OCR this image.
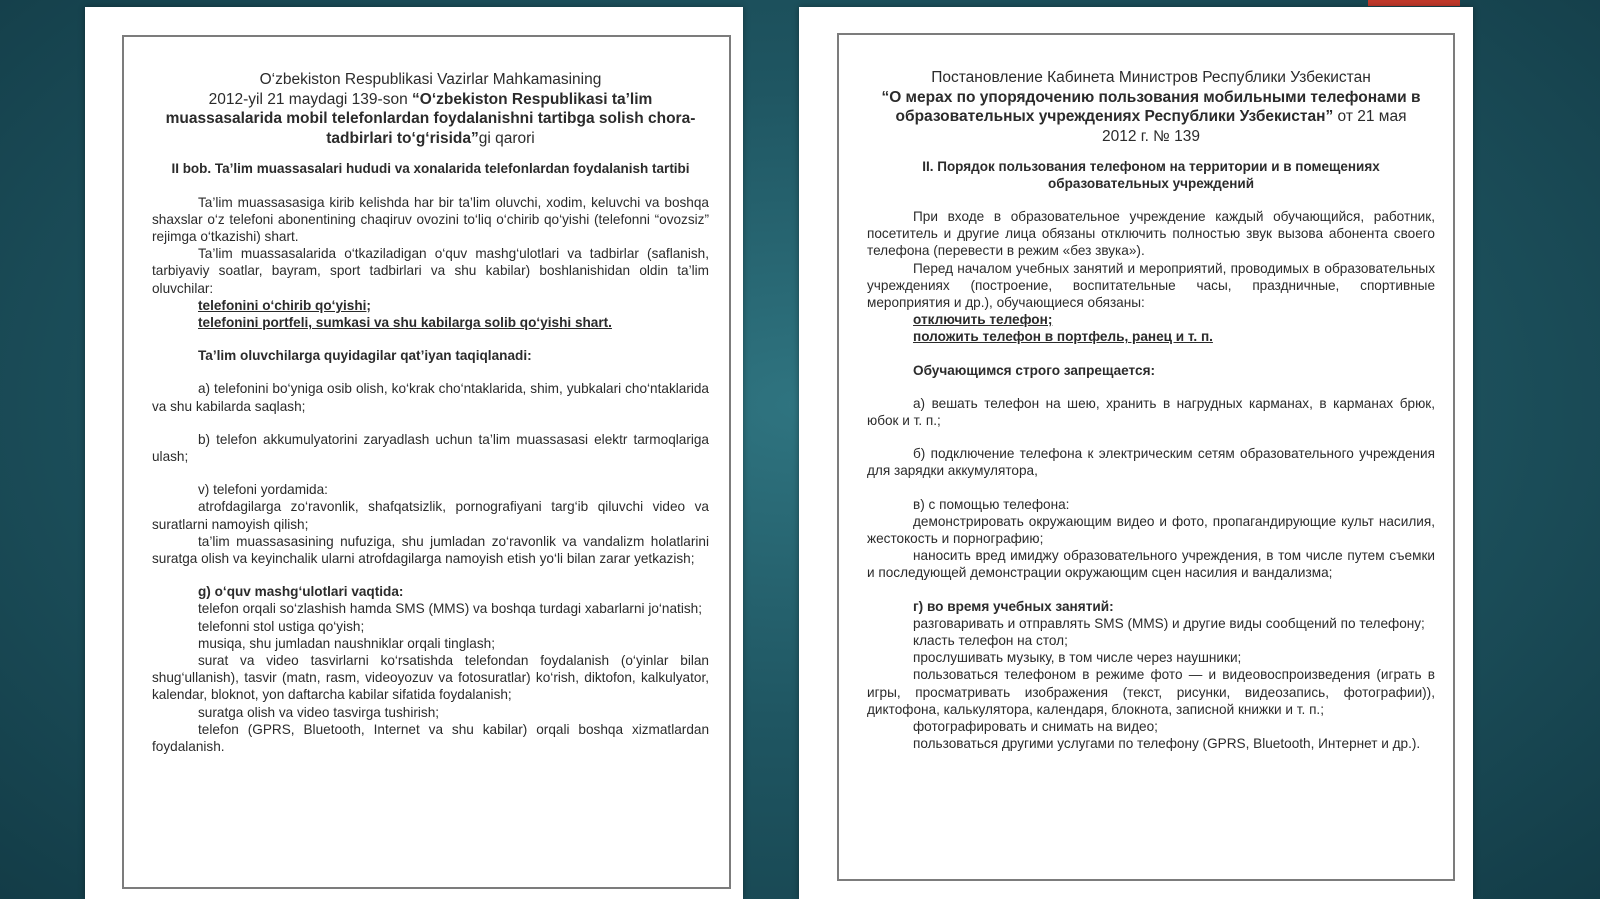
O‘zbekiston Respublikasi Vazirlar Mahkamasining
2012-yil 21 maydagi 139-son “O‘zbekiston Respublikasi ta’lim muassasalarida mobil telefonlardan foydalanishni tartibga solish chora-tadbirlari to‘g‘risida”gi qarori
II bob. Ta’lim muassasalari hududi va xonalarida telefonlardan foydalanish tartibi

Ta’lim muassasasiga kirib kelishda har bir ta’lim oluvchi, xodim, keluvchi va boshqa shaxslar o‘z telefoni abonentining chaqiruv ovozini to‘liq o‘chirib qo‘yishi (telefonni “ovozsiz” rejimga o‘tkazishi) shart.

Ta’lim muassasalarida o‘tkaziladigan o‘quv mashg‘ulotlari va tadbirlar (saflanish, tarbiyaviy soatlar, bayram, sport tadbirlari va shu kabilar) boshlanishidan oldin ta’lim oluvchilar:

telefonini o‘chirib qo‘yishi;

telefonini portfeli, sumkasi va shu kabilarga solib qo‘yishi shart.

Ta’lim oluvchilarga quyidagilar qat’iyan taqiqlanadi:

a) telefonini bo‘yniga osib olish, ko‘krak cho‘ntaklarida, shim, yubkalari cho‘ntaklarida va shu kabilarda saqlash;

b) telefon akkumulyatorini zaryadlash uchun ta’lim muassasasi elektr tarmoqlariga ulash;

v) telefoni yordamida:

atrofdagilarga zo‘ravonlik, shafqatsizlik, pornografiyani targ‘ib qiluvchi video va suratlarni namoyish qilish;

ta’lim muassasasining nufuziga, shu jumladan zo‘ravonlik va vandalizm holatlarini suratga olish va keyinchalik ularni atrofdagilarga namoyish etish yo‘li bilan zarar yetkazish;

g) o‘quv mashg‘ulotlari vaqtida:

telefon orqali so‘zlashish hamda SMS (MMS) va boshqa turdagi xabarlarni jo‘natish;

telefonni stol ustiga qo‘yish;

musiqa, shu jumladan naushniklar orqali tinglash;

surat va video tasvirlarni ko‘rsatishda telefondan foydalanish (o‘yinlar bilan shug‘ullanish), tasvir (matn, rasm, videoyozuv va fotosuratlar) ko‘rish, diktofon, kalkulyator, kalendar, bloknot, yon daftarcha kabilar sifatida foydalanish;

suratga olish va video tasvirga tushirish;

telefon (GPRS, Bluetooth, Internet va shu kabilar) orqali boshqa xizmatlardan foydalanish.

Постановление Кабинета Министров Республики Узбекистан
“О мерах по упорядочению пользования мобильными телефонами в образовательных учреждениях Республики Узбекистан” от 21 мая 2012 г. № 139
II. Порядок пользования телефоном на территории и в помещениях образовательных учреждений

При входе в образовательное учреждение каждый обучающийся, работник, посетитель и другие лица обязаны отключить полностью звук вызова абонента своего телефона (перевести в режим «без звука»).

Перед началом учебных занятий и мероприятий, проводимых в образовательных учреждениях (построение, воспитательные часы, праздничные, спортивные мероприятия и др.), обучающиеся обязаны:

отключить телефон;

положить телефон в портфель, ранец и т. п.

Обучающимся строго запрещается:

а) вешать телефон на шею, хранить в нагрудных карманах, в карманах брюк, юбок и т. п.;

б) подключение телефона к электрическим сетям образовательного учреждения для зарядки аккумулятора,

в) с помощью телефона:

демонстрировать окружающим видео и фото, пропагандирующие культ насилия, жестокость и порнографию;

наносить вред имиджу образовательного учреждения, в том числе путем съемки и последующей демонстрации окружающим сцен насилия и вандализма;

г) во время учебных занятий:

разговаривать и отправлять SMS (MMS) и другие виды сообщений по телефону;

класть телефон на стол;

прослушивать музыку, в том числе через наушники;

пользоваться телефоном в режиме фото — и видеовоспроизведения (играть в игры, просматривать изображения (текст, рисунки, видеозапись, фотографии)), диктофона, калькулятора, календаря, блокнота, записной книжки и т. п.;

фотографировать и снимать на видео;

пользоваться другими услугами по телефону (GPRS, Bluetooth, Интернет и др.).
